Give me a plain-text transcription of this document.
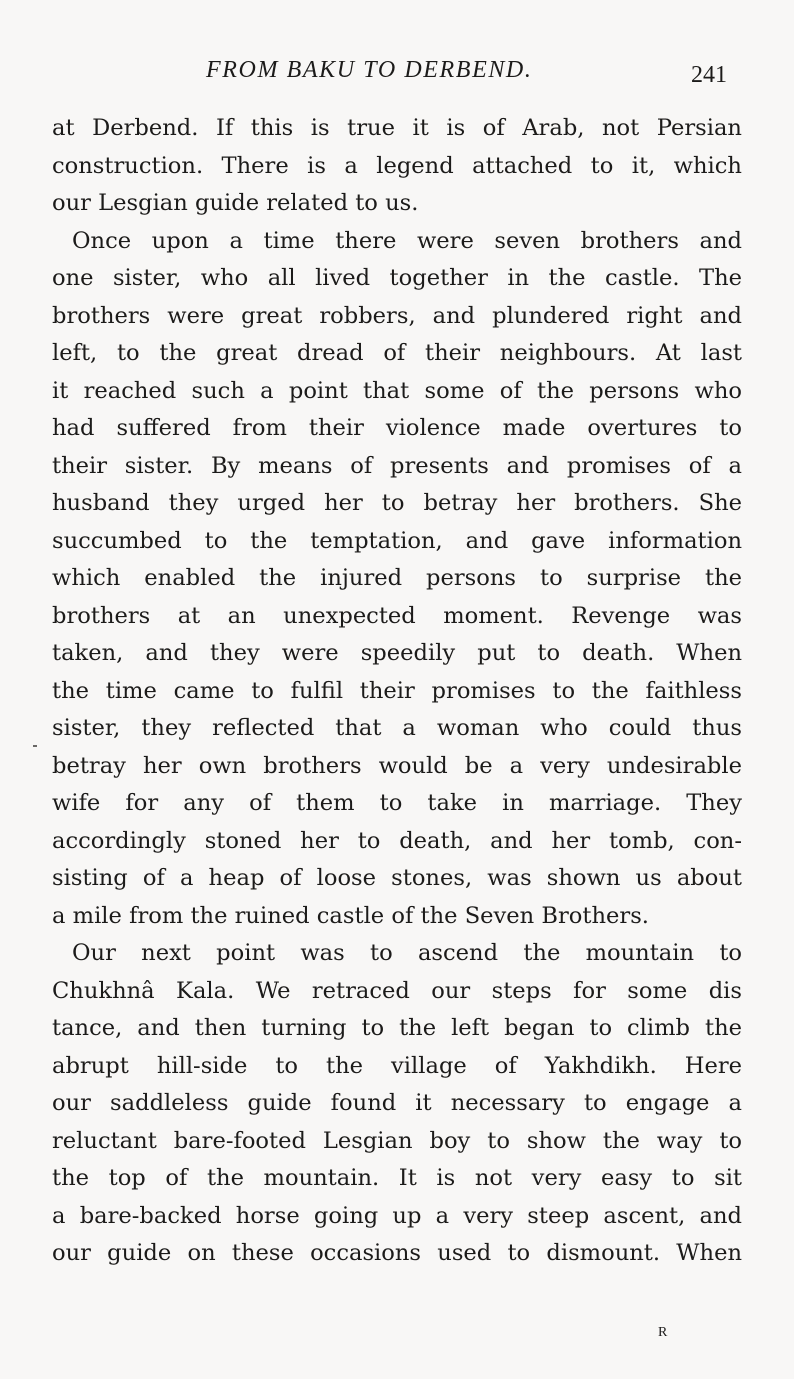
FROM BAKU TO DERBEND.	241
at Derbend. If this is true it is of Arab, not Persian
construction. There is a legend attached to it, which
our Lesgian guide related to us.
Once upon a time there were seven brothers and
one sister, who all lived together in the castle. The
brothers were great robbers, and plundered right and
left, to the great dread of their neighbours. At last
it reached such a point that some of the persons who
had suffered from their violence made overtures to
their sister. By means of presents and promises of a
husband they urged her to betray her brothers. She
succumbed to the temptation, and gave information
which enabled the injured persons to surprise the
brothers at an unexpected moment. Revenge was
taken, and they were speedily put to death. When
the time came to fulfil their promises to the faithless
sister, they reflected that a woman who could thus
betray her own brothers would be a very undesirable
wife for any of them to take in marriage. They
accordingly stoned her to death, and her tomb, con-
sisting of a heap of loose stones, was shown us about
a mile from the ruined castle of the Seven Brothers.
Our next point was to ascend the mountain to
Chukhnâ Kala. We retraced our steps for some dis
tance, and then turning to the left began to climb the
abrupt hill-side to the village of Yakhdikh. Here
our saddleless guide found it necessary to engage a
reluctant bare-footed Lesgian boy to show the way to
the top of the mountain. It is not very easy to sit
a bare-backed horse going up a very steep ascent, and
our guide on these occasions used to dismount. When
R
